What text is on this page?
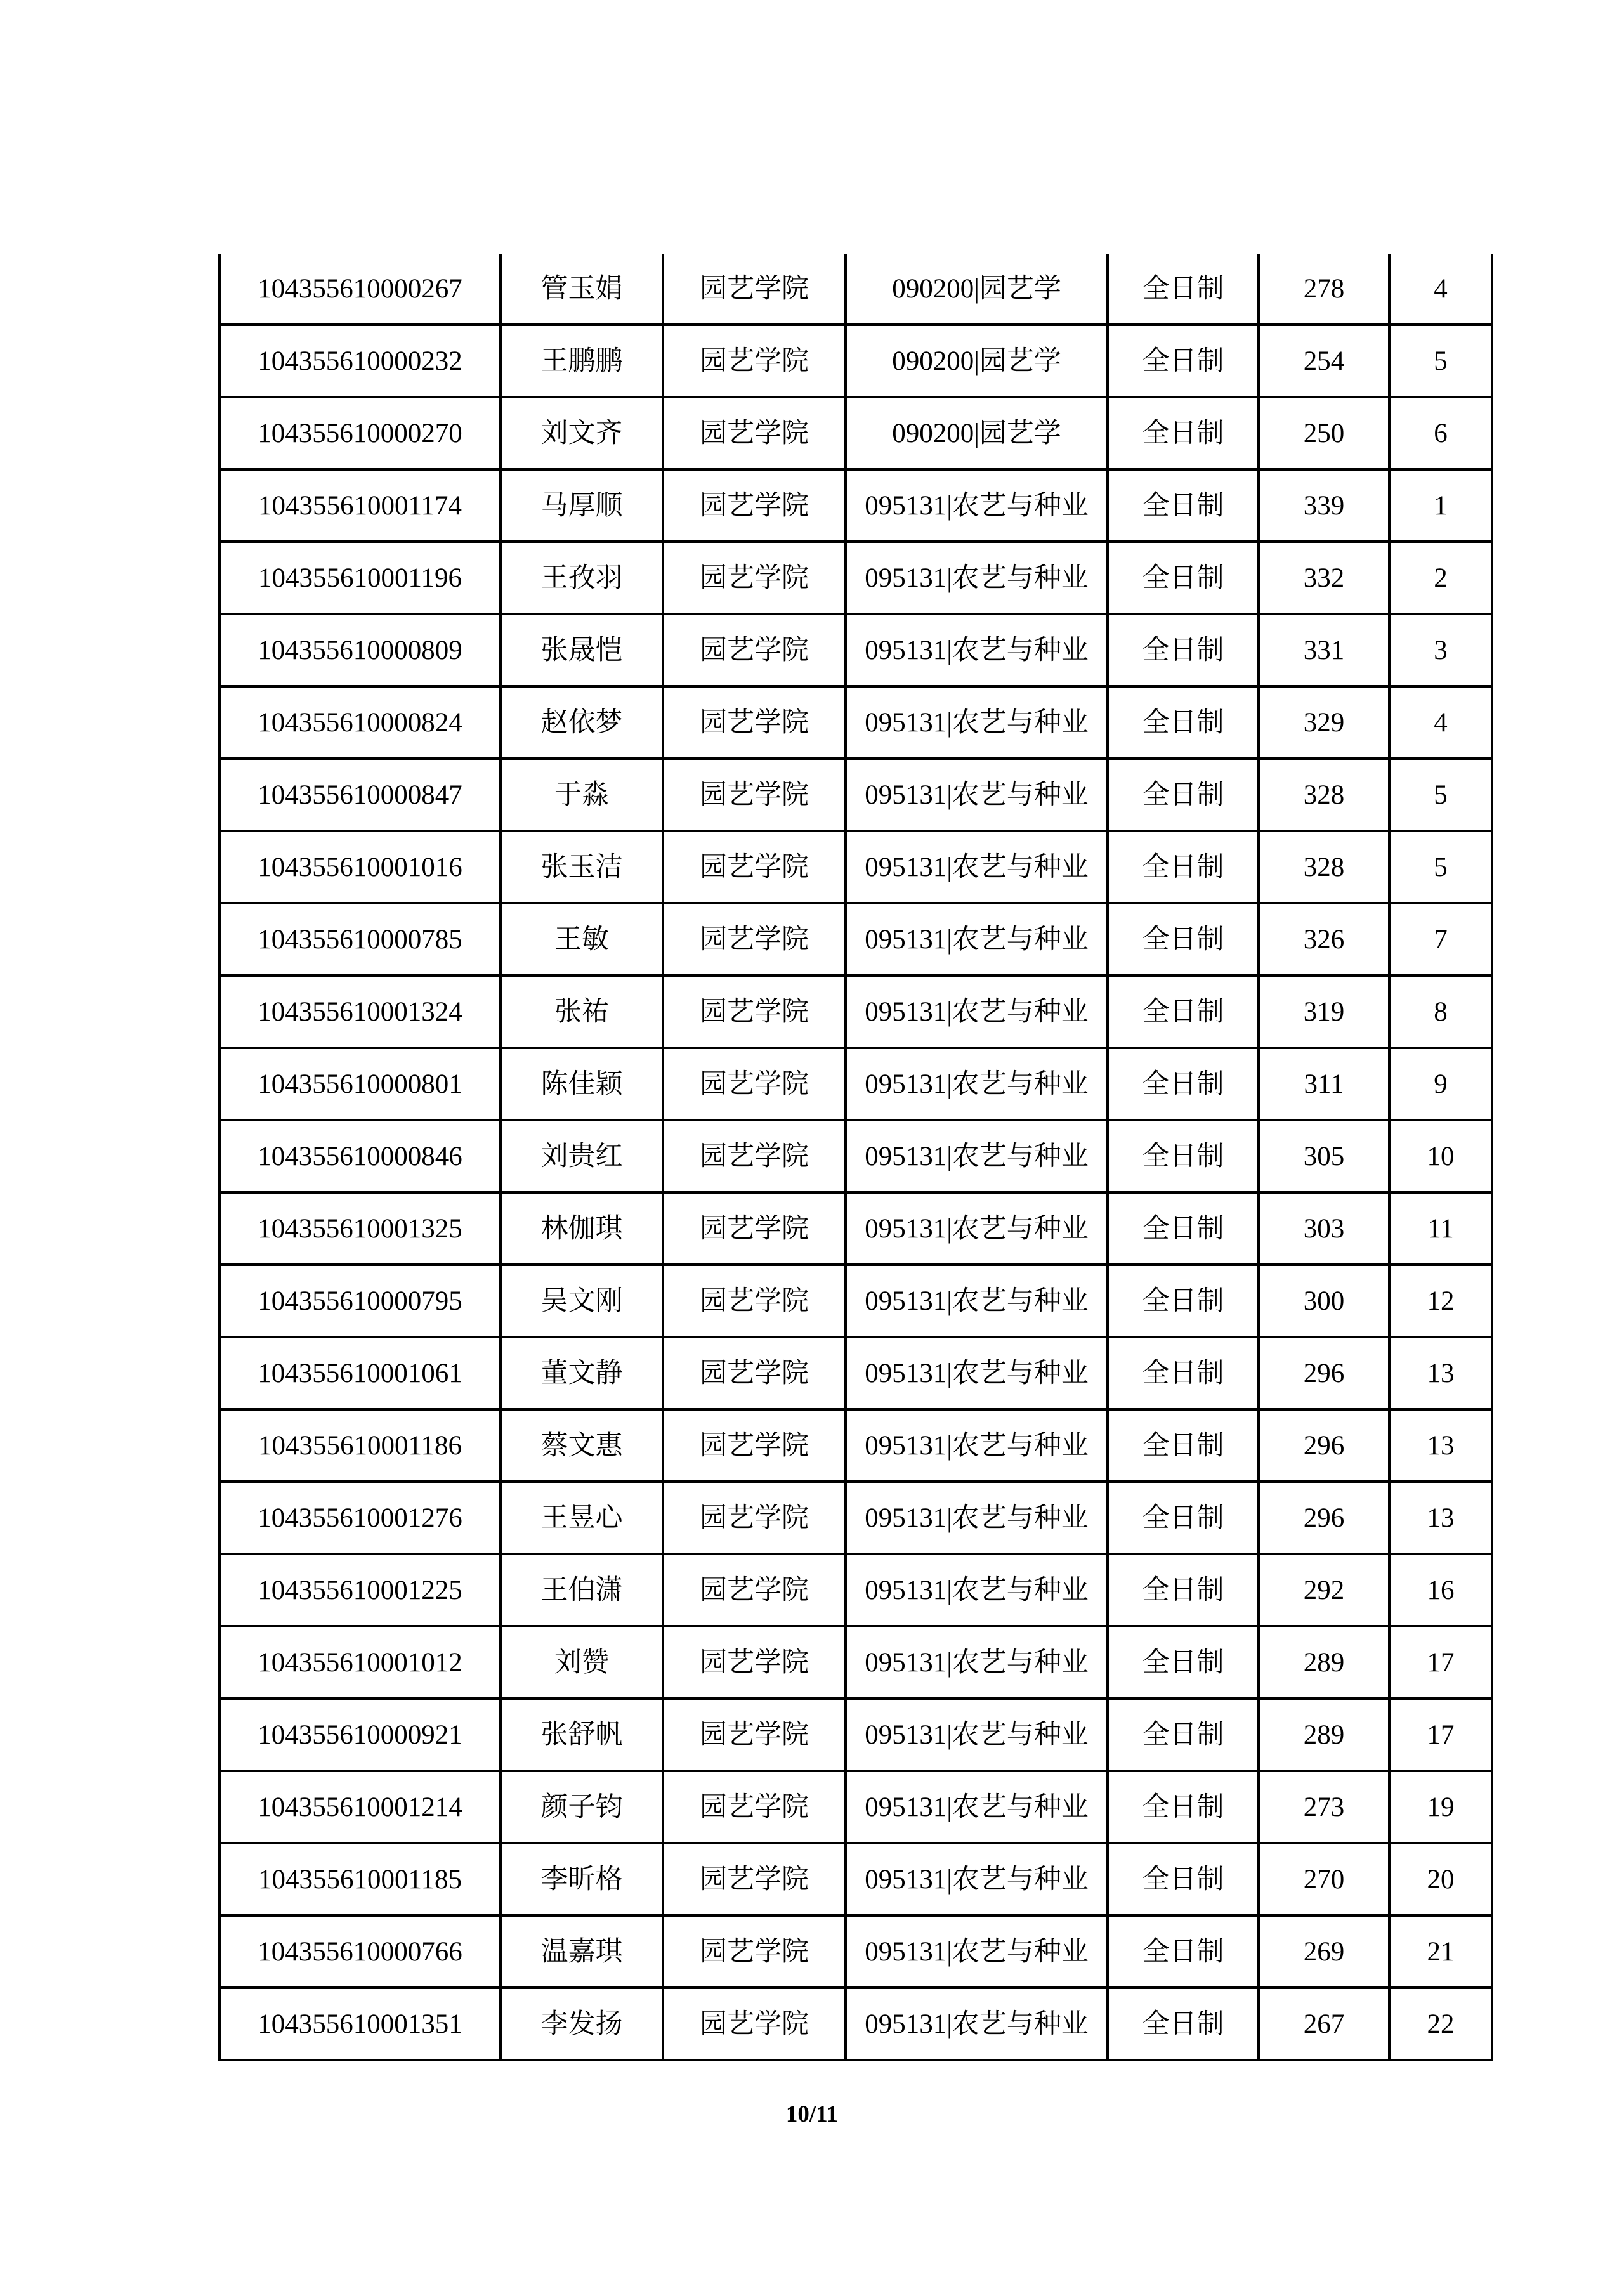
104355610000267	管玉娟	园艺学院	090200|园艺学	全日制	278	4
104355610000232	王鹏鹏	园艺学院	090200|园艺学	全日制	254	5
104355610000270	刘文齐	园艺学院	090200|园艺学	全日制	250	6
104355610001174	马厚顺	园艺学院	095131|农艺与种业	全日制	339	1
104355610001196	王孜羽	园艺学院	095131|农艺与种业	全日制	332	2
104355610000809	张晟恺	园艺学院	095131|农艺与种业	全日制	331	3
104355610000824	赵依梦	园艺学院	095131|农艺与种业	全日制	329	4
104355610000847	于淼	园艺学院	095131|农艺与种业	全日制	328	5
104355610001016	张玉洁	园艺学院	095131|农艺与种业	全日制	328	5
104355610000785	王敏	园艺学院	095131|农艺与种业	全日制	326	7
104355610001324	张祐	园艺学院	095131|农艺与种业	全日制	319	8
104355610000801	陈佳颖	园艺学院	095131|农艺与种业	全日制	311	9
104355610000846	刘贵红	园艺学院	095131|农艺与种业	全日制	305	10
104355610001325	林伽琪	园艺学院	095131|农艺与种业	全日制	303	11
104355610000795	吴文刚	园艺学院	095131|农艺与种业	全日制	300	12
104355610001061	董文静	园艺学院	095131|农艺与种业	全日制	296	13
104355610001186	蔡文惠	园艺学院	095131|农艺与种业	全日制	296	13
104355610001276	王昱心	园艺学院	095131|农艺与种业	全日制	296	13
104355610001225	王伯潇	园艺学院	095131|农艺与种业	全日制	292	16
104355610001012	刘赞	园艺学院	095131|农艺与种业	全日制	289	17
104355610000921	张舒帆	园艺学院	095131|农艺与种业	全日制	289	17
104355610001214	颜子钧	园艺学院	095131|农艺与种业	全日制	273	19
104355610001185	李昕格	园艺学院	095131|农艺与种业	全日制	270	20
104355610000766	温嘉琪	园艺学院	095131|农艺与种业	全日制	269	21
104355610001351	李发扬	园艺学院	095131|农艺与种业	全日制	267	22
10/11
